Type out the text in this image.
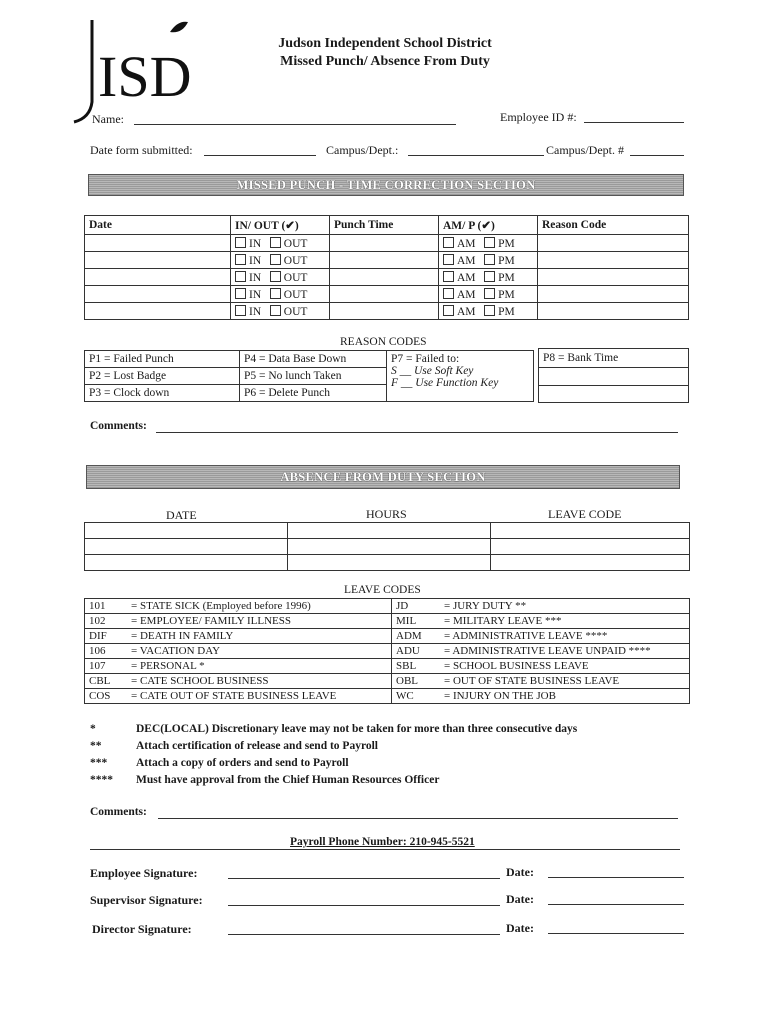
ISD
Judson Independent School District
Missed Punch/ Absence From Duty
Name:	Employee ID #:
Date form submitted:	Campus/Dept.:	Campus/Dept. #
MISSED PUNCH - TIME CORRECTION SECTION
Date	IN/ OUT (✔)	Punch Time	AM/ P (✔)	Reason Code
	IN OUT		AM PM	
	IN OUT		AM PM	
	IN OUT		AM PM	
	IN OUT		AM PM	
	IN OUT		AM PM	
REASON CODES
P1 = Failed Punch	P4 = Data Base Down
P2 = Lost Badge	P5 = No lunch Taken
P3 = Clock down	P6 = Delete Punch
P7 = Failed to:
S __ Use Soft Key
F __ Use Function Key
P8 = Bank Time

Comments:
ABSENCE FROM DUTY SECTION
DATE	HOURS	LEAVE CODE

LEAVE CODES
101	= STATE SICK (Employed before 1996)	JD	= JURY DUTY **
102	= EMPLOYEE/ FAMILY ILLNESS	MIL	= MILITARY LEAVE ***
DIF	= DEATH IN FAMILY	ADM	= ADMINISTRATIVE LEAVE ****
106	= VACATION DAY	ADU	= ADMINISTRATIVE LEAVE UNPAID ****
107	= PERSONAL *	SBL	= SCHOOL BUSINESS LEAVE
CBL	= CATE SCHOOL BUSINESS	OBL	= OUT OF STATE BUSINESS LEAVE
COS	= CATE OUT OF STATE BUSINESS LEAVE	WC	= INJURY ON THE JOB
*	DEC(LOCAL) Discretionary leave may not be taken for more than three consecutive days
**	Attach certification of release and send to Payroll
***	Attach a copy of orders and send to Payroll
**** Must have approval from the Chief Human Resources Officer
Comments:
Payroll Phone Number: 210-945-5521
Employee Signature:	Date:
Supervisor Signature:	Date:
Director Signature:	Date:
